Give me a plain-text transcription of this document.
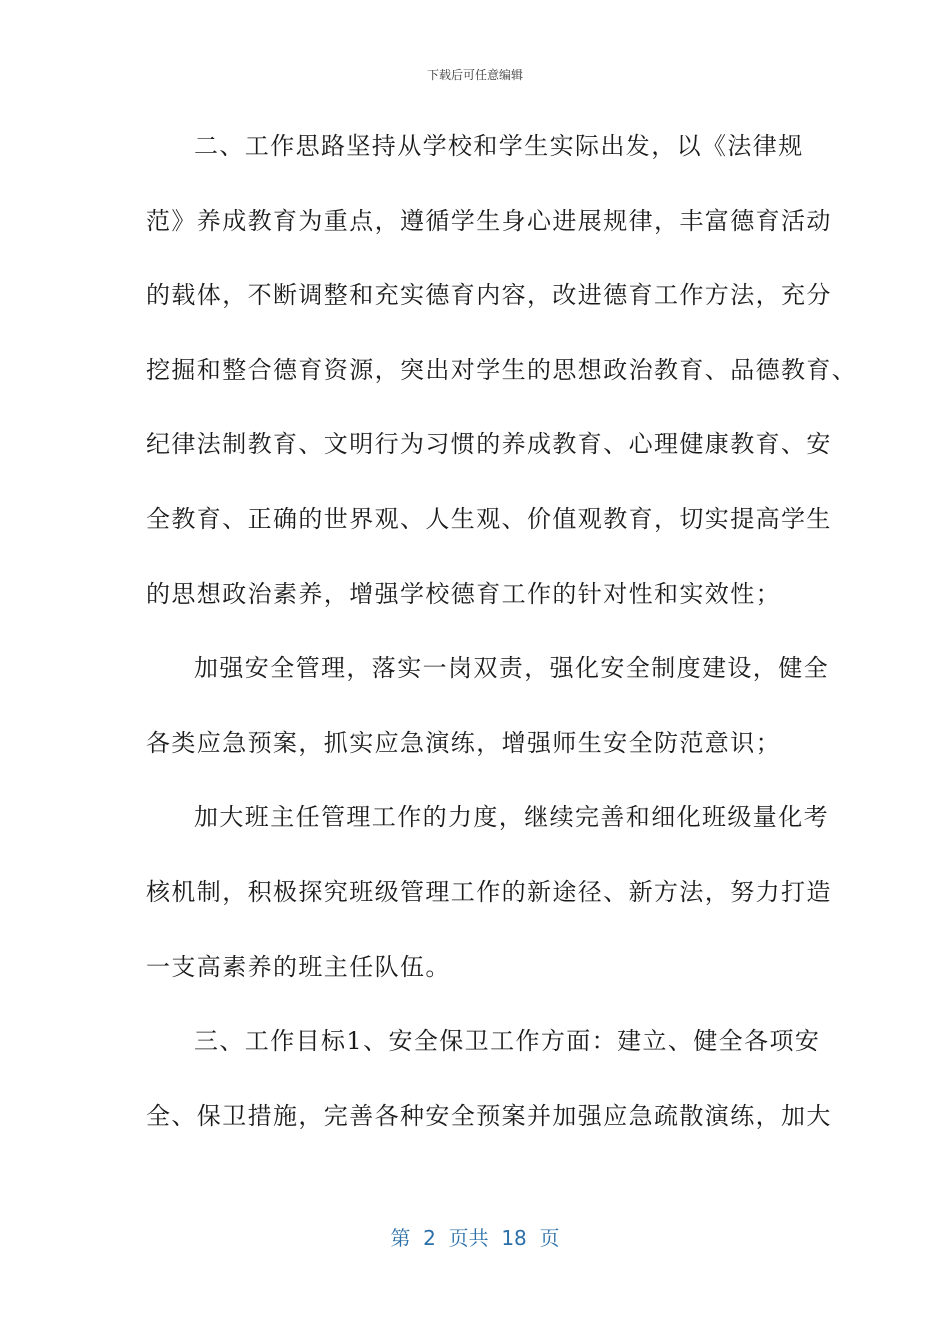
下载后可任意编辑
二、工作思路坚持从学校和学生实际出发，以《法律规
范》养成教育为重点，遵循学生身心进展规律，丰富德育活动
的载体，不断调整和充实德育内容，改进德育工作方法，充分
挖掘和整合德育资源，突出对学生的思想政治教育、品德教育、
纪律法制教育、文明行为习惯的养成教育、心理健康教育、安
全教育、正确的世界观、人生观、价值观教育，切实提高学生
的思想政治素养，增强学校德育工作的针对性和实效性；
加强安全管理，落实一岗双责，强化安全制度建设，健全
各类应急预案，抓实应急演练，增强师生安全防范意识；
加大班主任管理工作的力度，继续完善和细化班级量化考
核机制，积极探究班级管理工作的新途径、新方法，努力打造
一支高素养的班主任队伍。
三、工作目标1、安全保卫工作方面：建立、健全各项安
全、保卫措施，完善各种安全预案并加强应急疏散演练，加大
第  2  页共  18  页
